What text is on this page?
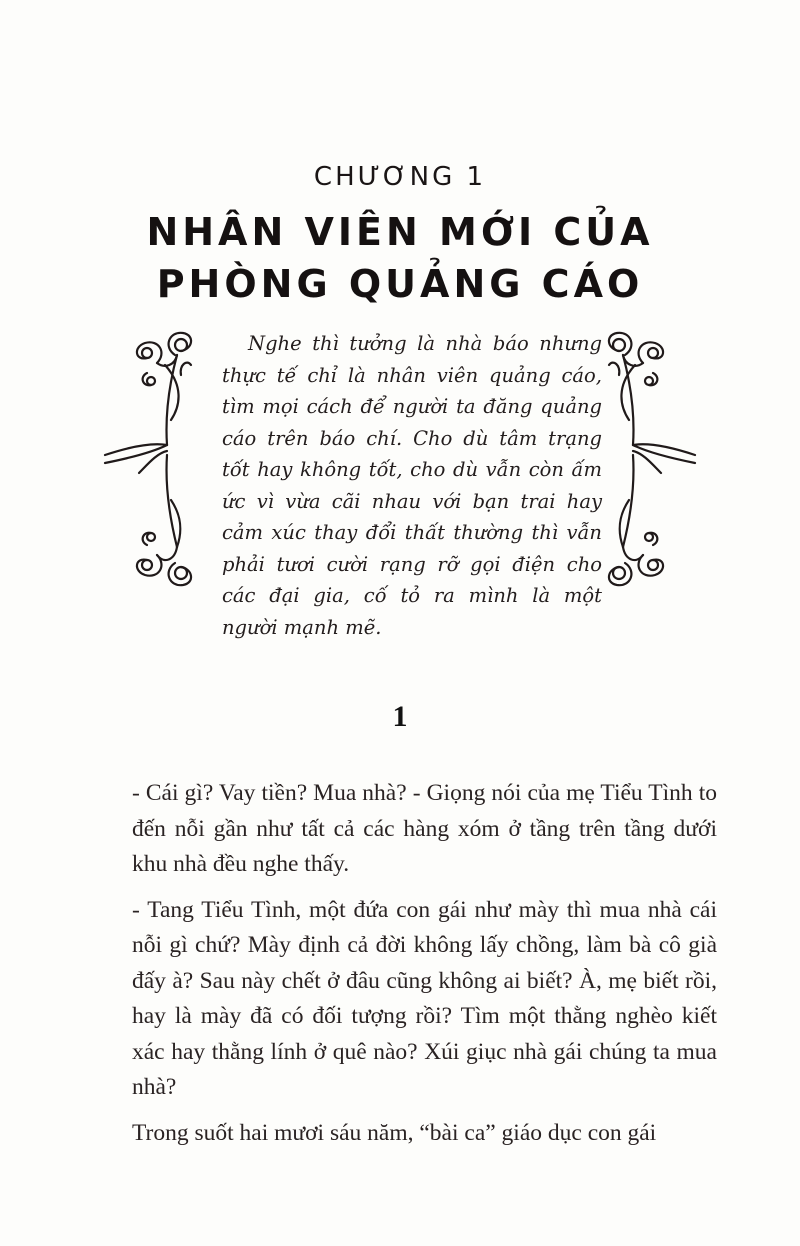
CHƯƠNG 1
NHÂN VIÊN MỚI CỦA
PHÒNG QUẢNG CÁO
Nghe thì tưởng là nhà báo nhưng thực tế chỉ là nhân viên quảng cáo, tìm mọi cách để người ta đăng quảng cáo trên báo chí. Cho dù tâm trạng tốt hay không tốt, cho dù vẫn còn ấm ức vì vừa cãi nhau với bạn trai hay cảm xúc thay đổi thất thường thì vẫn phải tươi cười rạng rỡ gọi điện cho các đại gia, cố tỏ ra mình là một người mạnh mẽ.
1

- Cái gì? Vay tiền? Mua nhà? - Giọng nói của mẹ Tiểu Tình to đến nỗi gần như tất cả các hàng xóm ở tầng trên tầng dưới khu nhà đều nghe thấy.

- Tang Tiểu Tình, một đứa con gái như mày thì mua nhà cái nỗi gì chứ? Mày định cả đời không lấy chồng, làm bà cô già đấy à? Sau này chết ở đâu cũng không ai biết? À, mẹ biết rồi, hay là mày đã có đối tượng rồi? Tìm một thằng nghèo kiết xác hay thằng lính ở quê nào? Xúi giục nhà gái chúng ta mua nhà?

Trong suốt hai mươi sáu năm, “bài ca” giáo dục con gái
